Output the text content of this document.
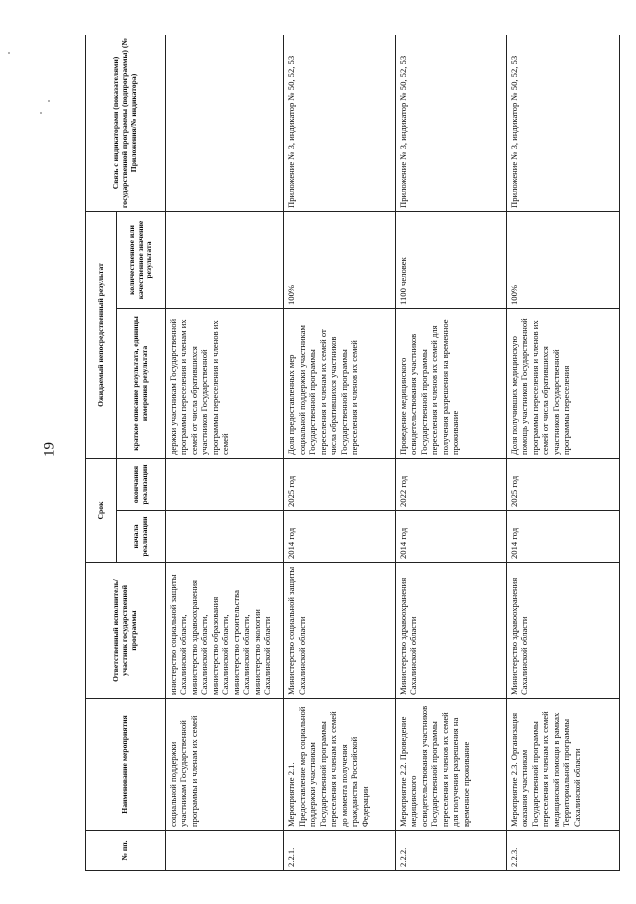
19
№ пп.	Наименование мероприятия	Ответственный исполнитель/участник государственной программы	Срок		Ожидаемый непосредственный результат		Связь с индикаторами (показателями) государственной программы (подпрограммы) (№ Приложения/№ индикатора)
			начала реализации	окончания реализации	краткое описание результата, единицы измерения результата	количественное или качественное значение результата	
	социальной поддержки участникам Государственной программы и членам их семей	инистерство социальной защиты Сахалинской области, министерство здравоохранения Сахалинской области, министерство образования Сахалинской области, министерство строительства Сахалинской области, министерство экологии Сахалинской области			держки участникам Государственной программы переселения и членам их семей от числа обратившихся участников Государственной программы переселения и членов их семей		
2.2.1.	Мероприятие 2.1. Предоставление мер социальной поддержки участникам Государственной программы переселения и членам их семей до момента получения гражданства Российской Федерации	Министерство социальной защиты Сахалинской области	2014 год	2025 год	Доля предоставленных мер социальной поддержки участникам Государственной программы переселения и членам их семей от числа обратившихся участников Государственной программы переселения и членов их семей	100%	Приложение № 3, индикатор № 50, 52, 53
2.2.2.	Мероприятие 2.2. Проведение медицинского освидетельствования участников Государственной программы переселения и членов их семей для получения разрешения на временное проживание	Министерство здравоохранения Сахалинской области	2014 год	2022 год	Проведение медицинского освидетельствования участников Государственной программы переселения и членов их семей для получения разрешения на временное проживание	1100 человек	Приложение № 3, индикатор № 50, 52, 53
2.2.3.	Мероприятие 2.3. Организация оказания участникам Государственной программы переселения и членам их семей медицинской помощи в рамках Территориальной программы Сахалинской области	Министерство здравоохранения Сахалинской области	2014 год	2025 год	Доля получивших медицинскую помощь участников Государственной программы переселения и членов их семей от числа обратившихся участников Государственной программы переселения	100%	Приложение № 3, индикатор № 50, 52, 53
